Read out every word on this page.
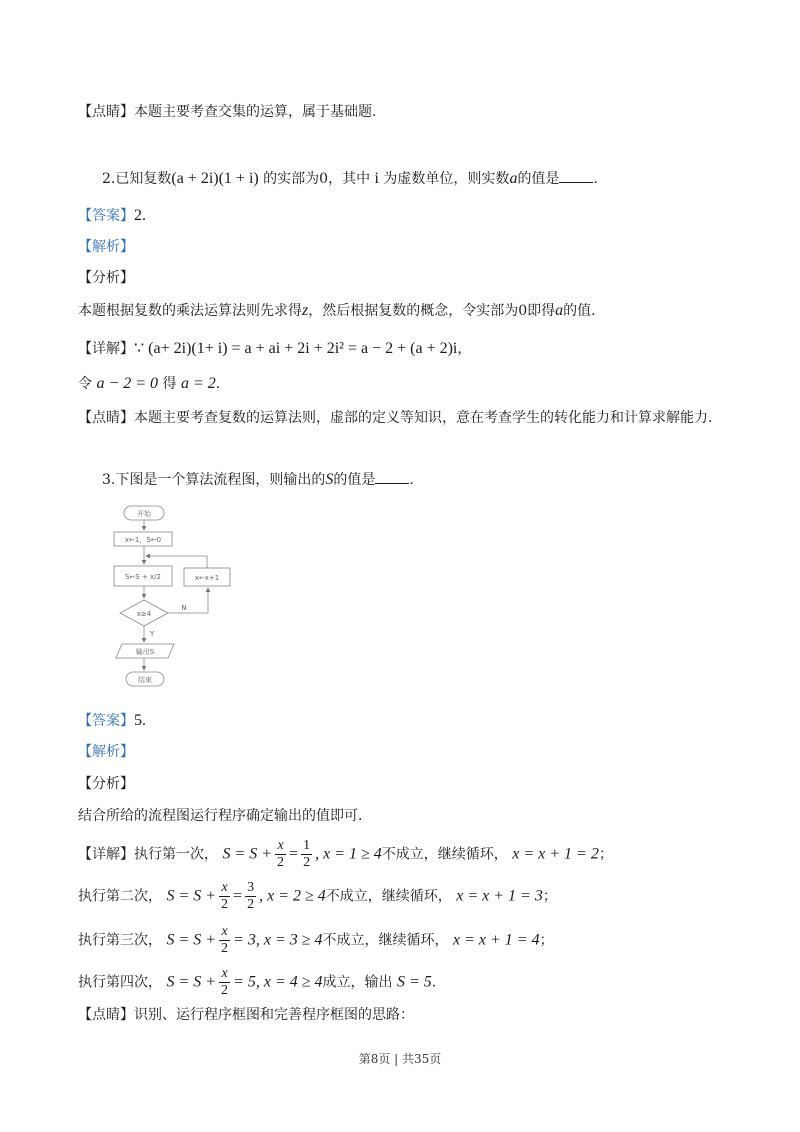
【点睛】本题主要考查交集的运算，属于基础题.
2.已知复数(a + 2i)(1 + i) 的实部为0，其中 i 为虚数单位，则实数a的值是 .
【答案】2.
【解析】
【分析】
本题根据复数的乘法运算法则先求得z，然后根据复数的概念，令实部为0即得a的值.
【详解】∵ (a+ 2i)(1+ i) = a + ai + 2i + 2i² = a − 2 + (a + 2)i，
令 a − 2 = 0 得 a = 2.
【点睛】本题主要考查复数的运算法则，虚部的定义等知识，意在考查学生的转化能力和计算求解能力.
3.下图是一个算法流程图，则输出的S的值是 .
开始
x←1，S←0
S←S + x/2	x←x+1
x≥4
N
Y
输出S
结束
【答案】5.
【解析】
【分析】
结合所给的流程图运行程序确定输出的值即可.
【详解】执行第一次， $S = S + \frac{x}{2} = \frac{1}{2}$ , x = 1 ≥ 4不成立，继续循环， x = x + 1 = 2；
执行第二次， $S = S + \frac{x}{2} = \frac{3}{2}$ , x = 2 ≥ 4不成立，继续循环， x = x + 1 = 3；
执行第三次， $S = S + \frac{x}{2} = 3$, x = 3 ≥ 4不成立，继续循环， x = x + 1 = 4；
执行第四次， $S = S + \frac{x}{2} = 5$, x = 4 ≥ 4成立，输出 S = 5.
【点睛】识别、运行程序框图和完善程序框图的思路：
第8页 | 共35页
